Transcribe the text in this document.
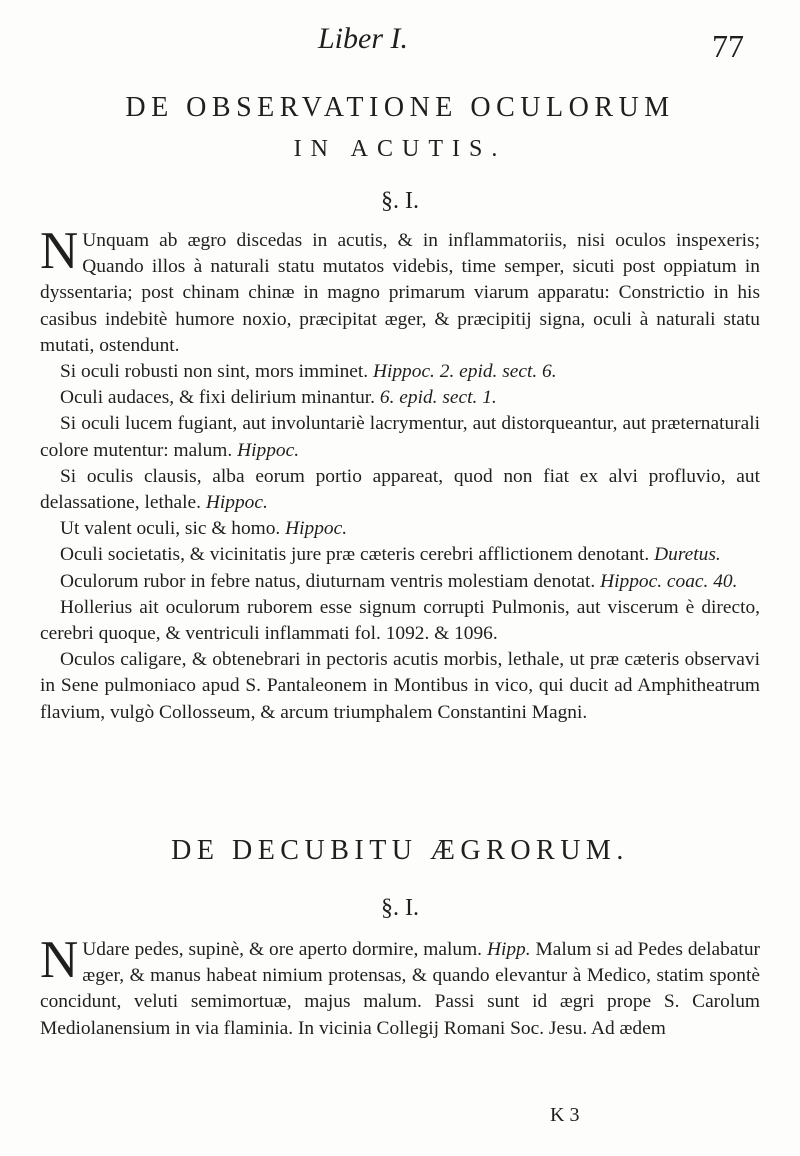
Liber I.	77
DE OBSERVATIONE OCULORUM
IN ACUTIS.
§. I.

N Unquam ab ægro discedas in acutis, & in inflammatoriis, nisi oculos inspexeris; Quando illos à naturali statu mutatos videbis, time semper, sicuti post oppiatum in dyssentaria; post chinam chinæ in magno primarum viarum apparatu: Constrictio in his casibus indebitè humore noxio, præcipitat æger, & præcipitij signa, oculi à naturali statu mutati, ostendunt.

Si oculi robusti non sint, mors imminet. Hippoc. 2. epid. sect. 6.

Oculi audaces, & fixi delirium minantur. 6. epid. sect. 1.

Si oculi lucem fugiant, aut involuntariè lacrymentur, aut distorqueantur, aut præternaturali colore mutentur: malum. Hippoc.

Si oculis clausis, alba eorum portio appareat, quod non fiat ex alvi profluvio, aut delassatione, lethale. Hippoc.

Ut valent oculi, sic & homo. Hippoc.

Oculi societatis, & vicinitatis jure præ cæteris cerebri afflictionem denotant. Duretus.

Oculorum rubor in febre natus, diuturnam ventris molestiam denotat. Hippoc. coac. 40.

Hollerius ait oculorum ruborem esse signum corrupti Pulmonis, aut viscerum è directo, cerebri quoque, & ventriculi inflammati fol. 1092. & 1096.

Oculos caligare, & obtenebrari in pectoris acutis morbis, lethale, ut præ cæteris observavi in Sene pulmoniaco apud S. Pantaleonem in Montibus in vico, qui ducit ad Amphitheatrum flavium, vulgò Collosseum, & arcum triumphalem Constantini Magni.

DE DECUBITU ÆGRORUM.
§. I.

N Udare pedes, supinè, & ore aperto dormire, malum. Hipp. Malum si ad Pedes delabatur æger, & manus habeat nimium protensas, & quando elevantur à Medico, statim spontè concidunt, veluti semimortuæ, majus malum. Passi sunt id ægri prope S. Carolum Mediolanensium in via flaminia. In vicinia Collegij Romani Soc. Jesu. Ad ædem

K 3
